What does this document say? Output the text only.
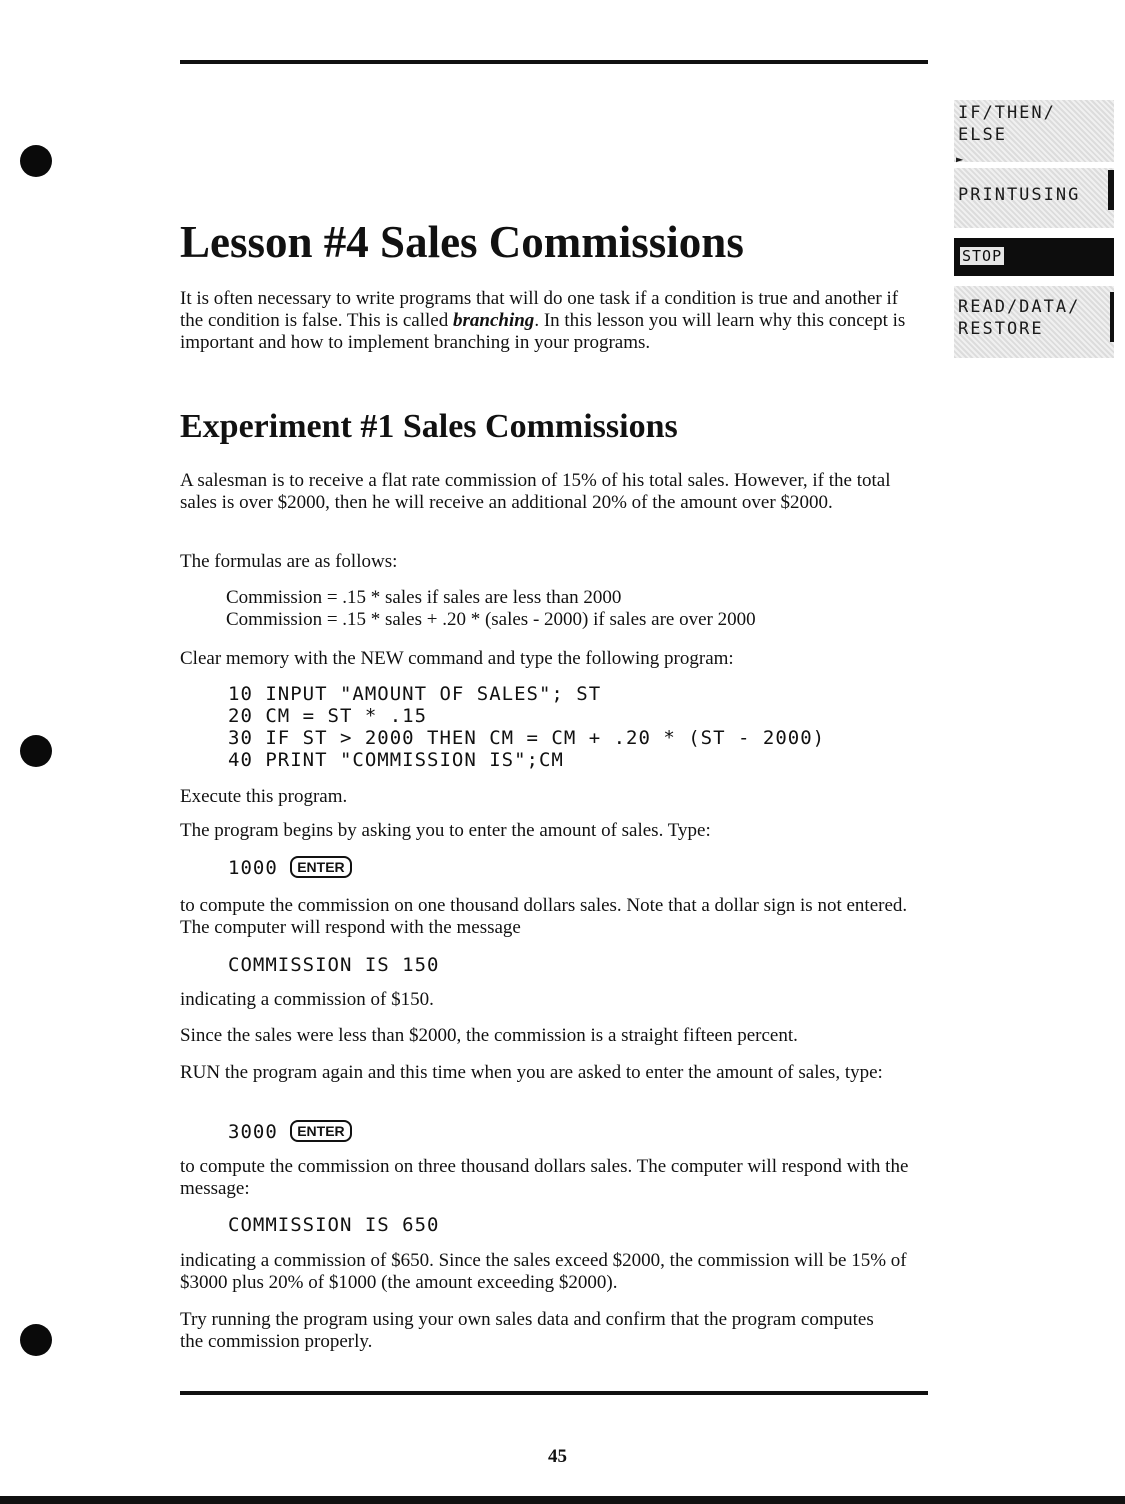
IF/THEN/
ELSE
►
PRINTUSING
STOP
READ/DATA/
RESTORE
Lesson #4 Sales Commissions

It is often necessary to write programs that will do one task if a condition is true and another if the condition is false. This is called branching. In this lesson you will learn why this concept is important and how to implement branching in your programs.

Experiment #1 Sales Commissions

A salesman is to receive a flat rate commission of 15% of his total sales. However, if the total sales is over $2000, then he will receive an additional 20% of the amount over $2000.

The formulas are as follows:

Commission = .15 * sales if sales are less than 2000

Commission = .15 * sales + .20 * (sales - 2000) if sales are over 2000

Clear memory with the NEW command and type the following program:

10 INPUT "AMOUNT OF SALES"; ST

20 CM = ST * .15

30 IF ST > 2000 THEN CM = CM + .20 * (ST - 2000)

40 PRINT "COMMISSION IS";CM

Execute this program.

The program begins by asking you to enter the amount of sales. Type:

1000 ENTER

to compute the commission on one thousand dollars sales. Note that a dollar sign is not entered. The computer will respond with the message

COMMISSION IS 150

indicating a commission of $150.

Since the sales were less than $2000, the commission is a straight fifteen percent.

RUN the program again and this time when you are asked to enter the amount of sales, type:

3000 ENTER

to compute the commission on three thousand dollars sales. The computer will respond with the message:

COMMISSION IS 650

indicating a commission of $650. Since the sales exceed $2000, the commission will be 15% of $3000 plus 20% of $1000 (the amount exceeding $2000).

Try running the program using your own sales data and confirm that the program computes the commission properly.

45
